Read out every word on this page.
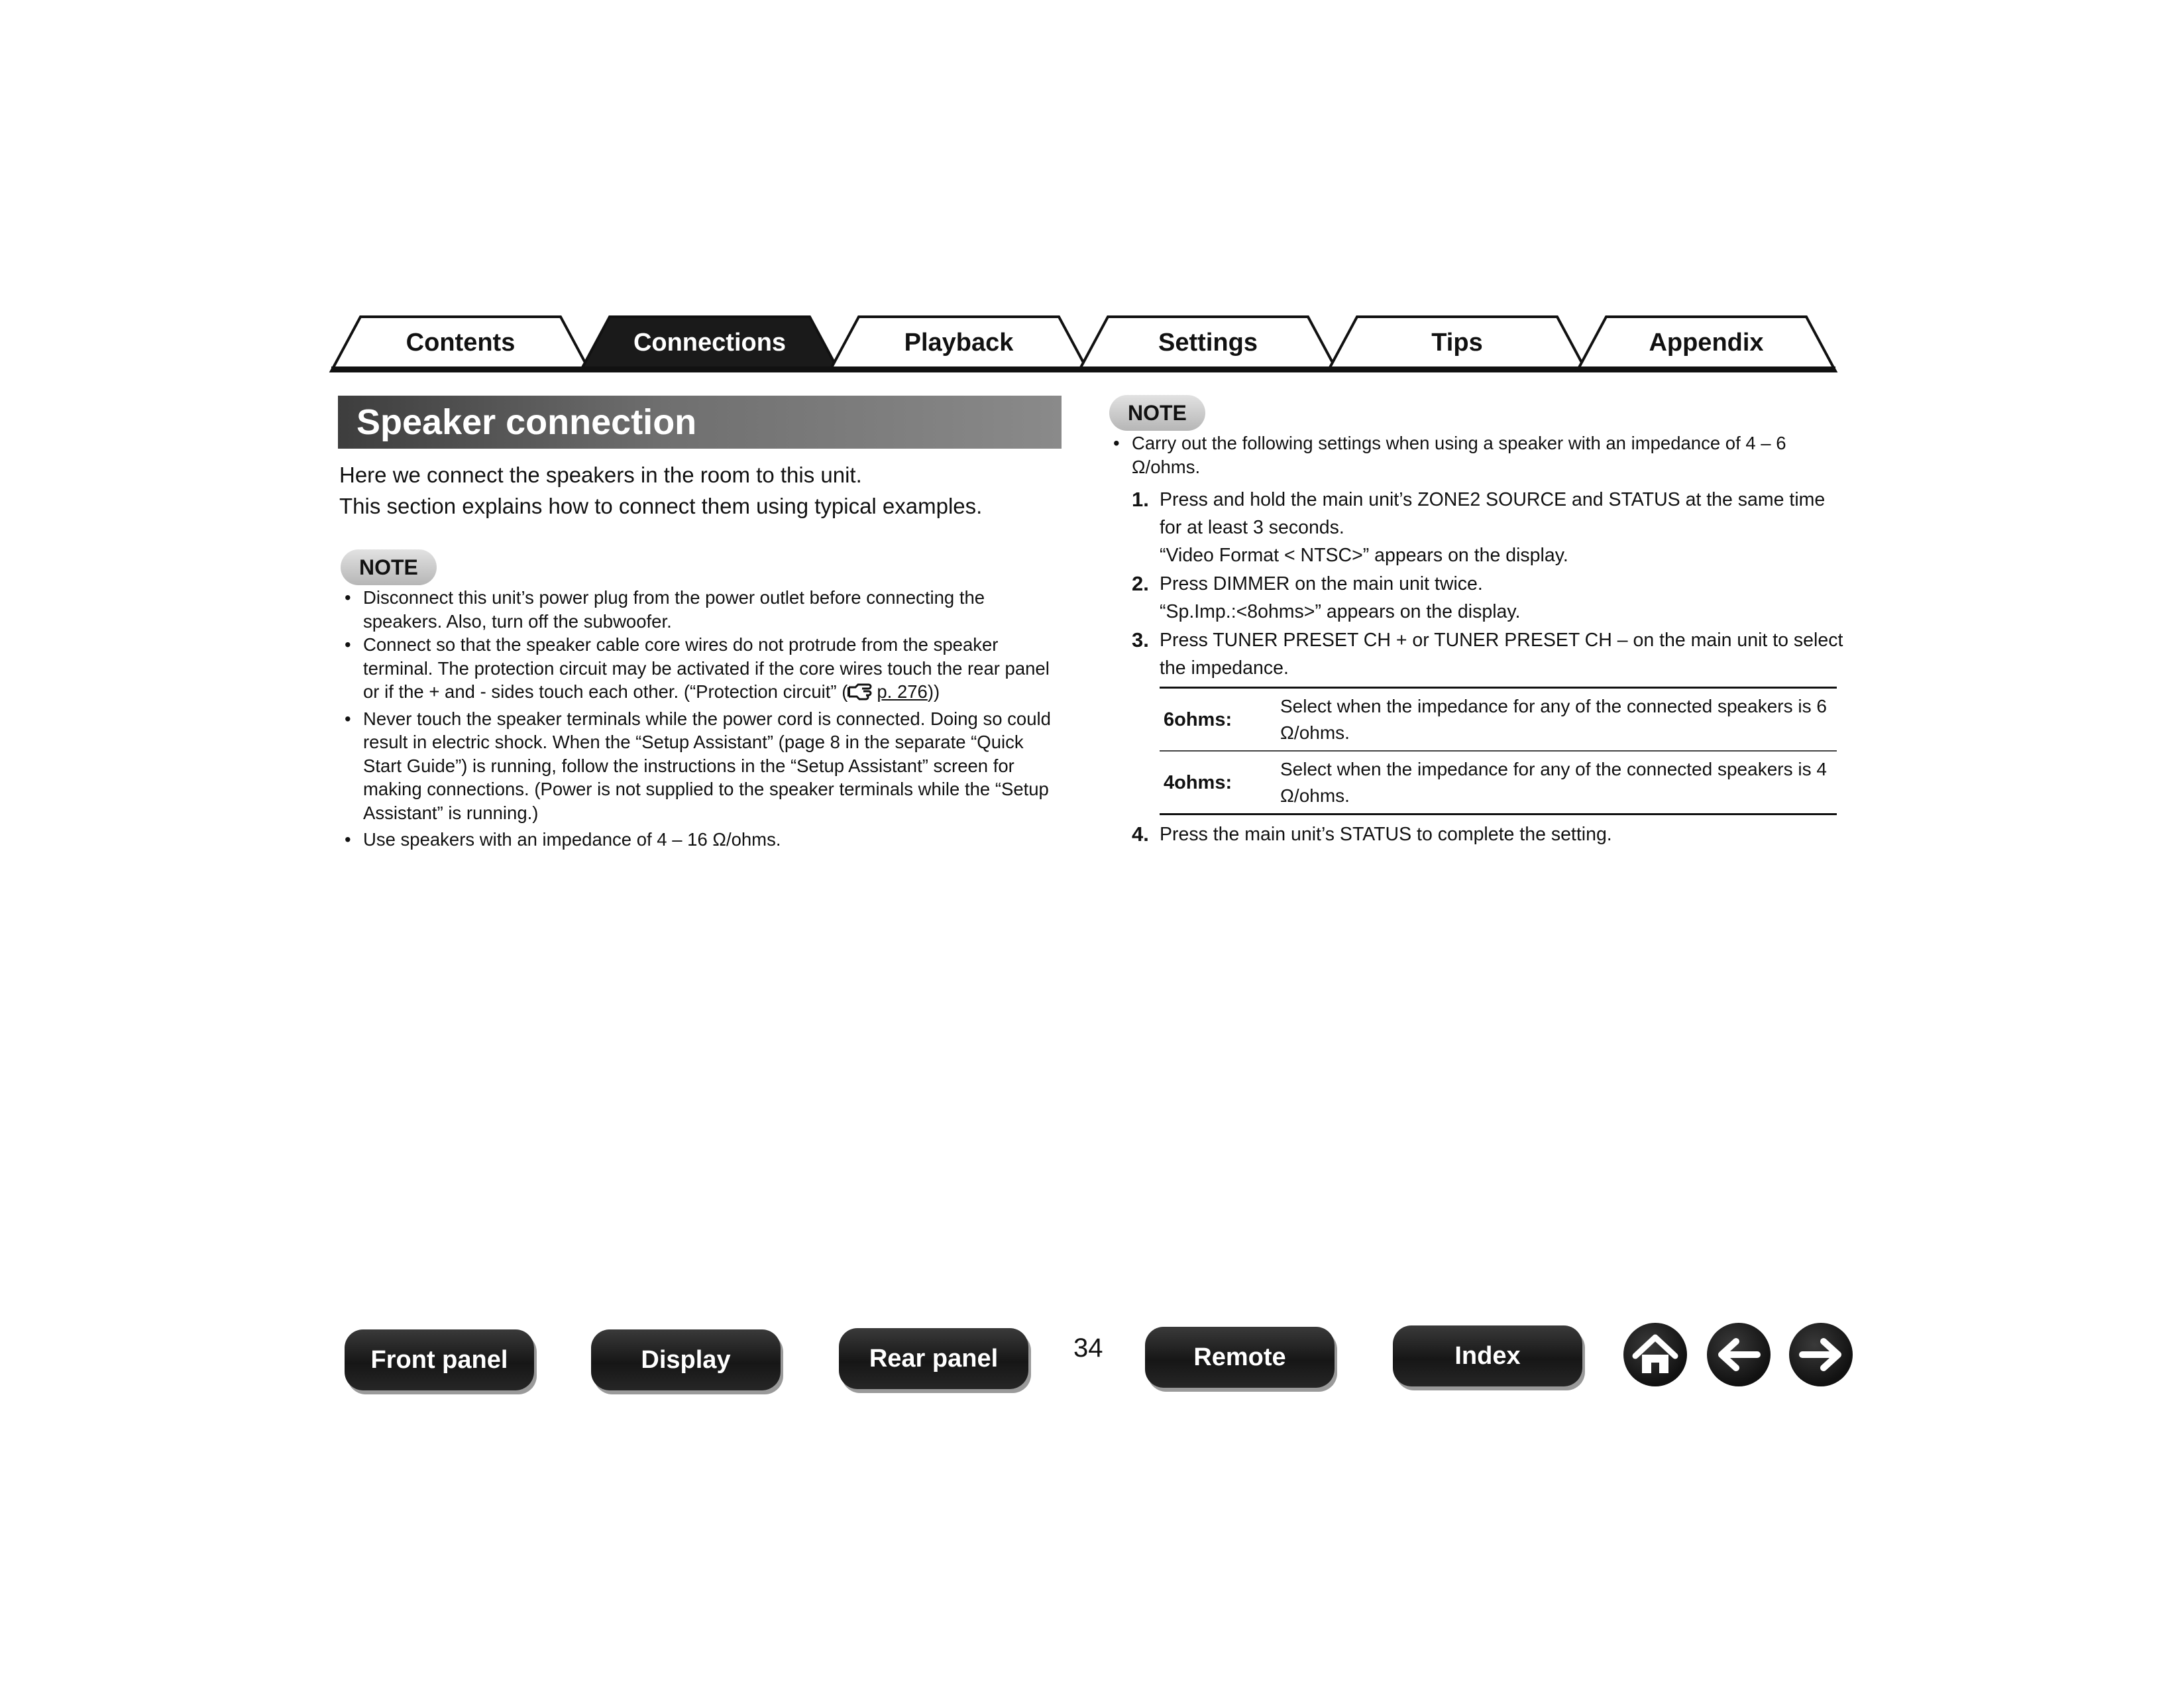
Contents	Connections	Playback	Settings	Tips	Appendix
Speaker connection
Here we connect the speakers in the room to this unit.
This section explains how to connect them using typical examples.
NOTE
• Disconnect this unit’s power plug from the power outlet before connecting the speakers. Also, turn off the subwoofer.
• Connect so that the speaker cable core wires do not protrude from the speaker terminal. The protection circuit may be activated if the core wires touch the rear panel or if the + and - sides touch each other. (“Protection circuit” ( p. 276))
• Never touch the speaker terminals while the power cord is connected. Doing so could result in electric shock. When the “Setup Assistant” (page 8 in the separate “Quick Start Guide”) is running, follow the instructions in the “Setup Assistant” screen for making connections. (Power is not supplied to the speaker terminals while the “Setup Assistant” is running.)
• Use speakers with an impedance of 4 – 16 Ω/ohms.
NOTE
• Carry out the following settings when using a speaker with an impedance of 4 – 6 Ω/ohms.
1. Press and hold the main unit’s ZONE2 SOURCE and STATUS at the same time for at least 3 seconds.
“Video Format < NTSC>” appears on the display.
2. Press DIMMER on the main unit twice.
“Sp.Imp.:<8ohms>” appears on the display.
3. Press TUNER PRESET CH + or TUNER PRESET CH – on the main unit to select the impedance.
6ohms:
Select when the impedance for any of the connected speakers is 6 Ω/ohms.
4ohms:
Select when the impedance for any of the connected speakers is 4 Ω/ohms.
4. Press the main unit’s STATUS to complete the setting.
Front panel	Display	Rear panel	34	Remote	Index
